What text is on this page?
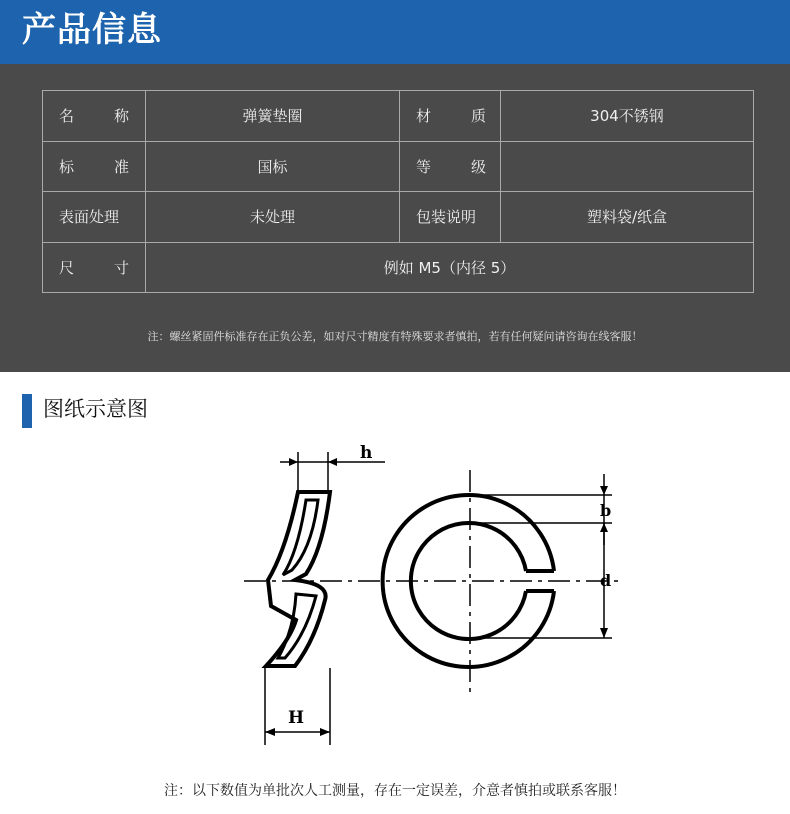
产品信息
名 称	弹簧垫圈	材 质	304不锈钢

标 准	国标	等 级	

表面处理	未处理	包装说明	塑料袋/纸盒

尺 寸	例如 M5（内径 5）		
注：螺丝紧固件标准存在正负公差，如对尺寸精度有特殊要求者慎拍，若有任何疑问请咨询在线客服！
图纸示意图
h
H
b
d
注：以下数值为单批次人工测量，存在一定误差，介意者慎拍或联系客服！
